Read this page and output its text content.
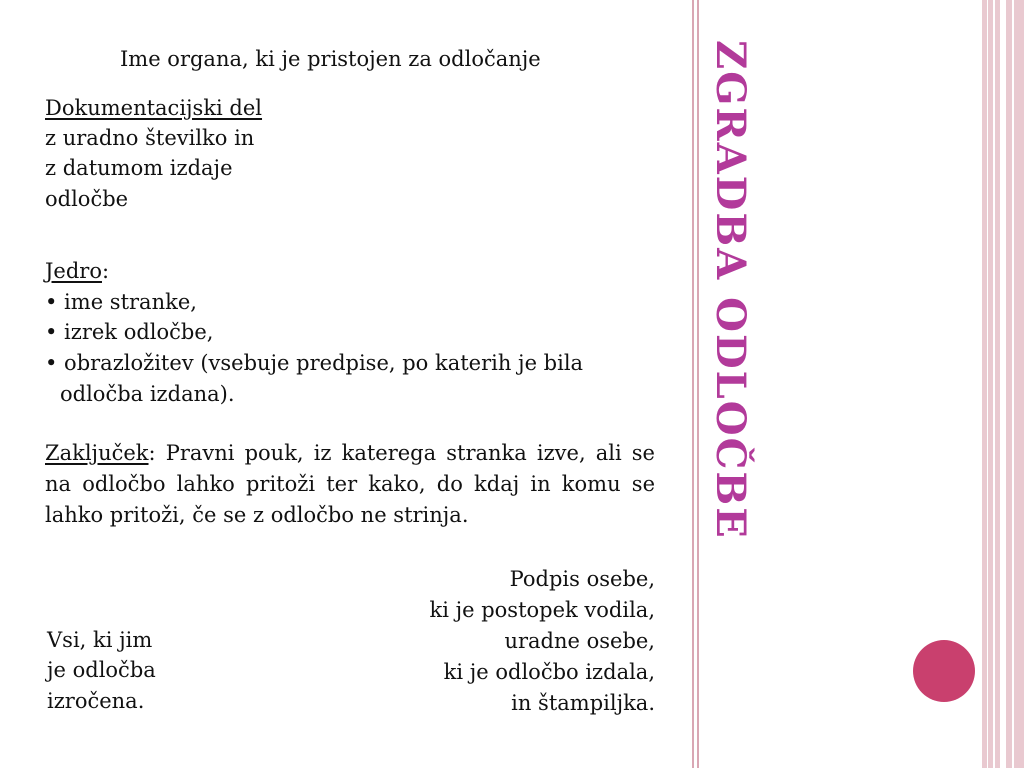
ZGRADBA ODLOČBE
Ime organa, ki je pristojen za odločanje
Dokumentacijski del
z uradno številko in
z datumom izdaje
odločbe
Jedro:
• ime stranke,
• izrek odločbe,
• obrazložitev (vsebuje predpise, po katerih je bila
odločba izdana).
Zaključek: Pravni pouk, iz katerega stranka izve, ali se na odločbo lahko pritoži ter kako, do kdaj in komu se lahko pritoži, če se z odločbo ne strinja.
Vsi, ki jim
je odločba
izročena.
Podpis osebe,
ki je postopek vodila,
uradne osebe,
ki je odločbo izdala,
in štampiljka.
